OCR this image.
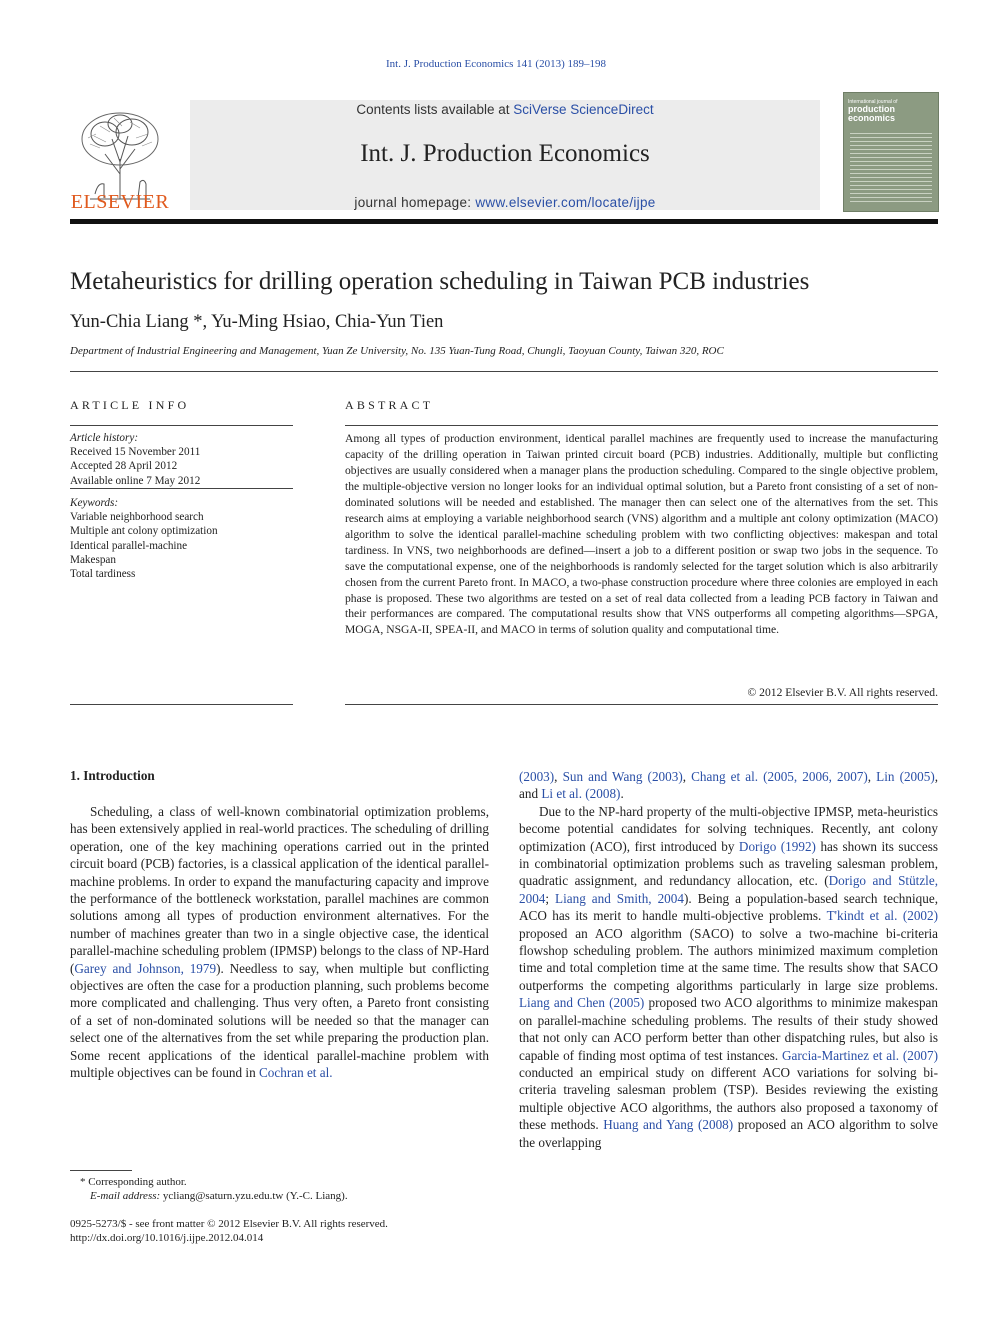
Int. J. Production Economics 141 (2013) 189–198
ELSEVIER
Contents lists available at SciVerse ScienceDirect
Int. J. Production Economics
journal homepage: www.elsevier.com/locate/ijpe
International journal of
production
economics
Metaheuristics for drilling operation scheduling in Taiwan PCB industries
Yun-Chia Liang *, Yu-Ming Hsiao, Chia-Yun Tien
Department of Industrial Engineering and Management, Yuan Ze University, No. 135 Yuan-Tung Road, Chungli, Taoyuan County, Taiwan 320, ROC
ARTICLE INFO	ABSTRACT
Article history:
Received 15 November 2011
Accepted 28 April 2012
Available online 7 May 2012
Keywords:
Variable neighborhood search
Multiple ant colony optimization
Identical parallel-machine
Makespan
Total tardiness
Among all types of production environment, identical parallel machines are frequently used to increase the manufacturing capacity of the drilling operation in Taiwan printed circuit board (PCB) industries. Additionally, multiple but conflicting objectives are usually considered when a manager plans the production scheduling. Compared to the single objective problem, the multiple-objective version no longer looks for an individual optimal solution, but a Pareto front consisting of a set of non-dominated solutions will be needed and established. The manager then can select one of the alternatives from the set. This research aims at employing a variable neighborhood search (VNS) algorithm and a multiple ant colony optimization (MACO) algorithm to solve the identical parallel-machine scheduling problem with two conflicting objectives: makespan and total tardiness. In VNS, two neighborhoods are defined—insert a job to a different position or swap two jobs in the sequence. To save the computational expense, one of the neighborhoods is randomly selected for the target solution which is also arbitrarily chosen from the current Pareto front. In MACO, a two-phase construction procedure where three colonies are employed in each phase is proposed. These two algorithms are tested on a set of real data collected from a leading PCB factory in Taiwan and their performances are compared. The computational results show that VNS outperforms all competing algorithms—SPGA, MOGA, NSGA-II, SPEA-II, and MACO in terms of solution quality and computational time.
© 2012 Elsevier B.V. All rights reserved.
1. Introduction

Scheduling, a class of well-known combinatorial optimization problems, has been extensively applied in real-world practices. The scheduling of drilling operation, one of the key machining operations carried out in the printed circuit board (PCB) factories, is a classical application of the identical parallel-machine problems. In order to expand the manufacturing capacity and improve the performance of the bottleneck workstation, parallel machines are common solutions among all types of production environment alternatives. For the number of machines greater than two in a single objective case, the identical parallel-machine scheduling problem (IPMSP) belongs to the class of NP-Hard (Garey and Johnson, 1979). Needless to say, when multiple but conflicting objectives are often the case for a production planning, such problems become more complicated and challenging. Thus very often, a Pareto front consisting of a set of non-dominated solutions will be needed so that the manager can select one of the alternatives from the set while preparing the production plan. Some recent applications of the identical parallel-machine problem with multiple objectives can be found in Cochran et al.

(2003), Sun and Wang (2003), Chang et al. (2005, 2006, 2007), Lin (2005), and Li et al. (2008).

Due to the NP-hard property of the multi-objective IPMSP, meta-heuristics become potential candidates for solving techniques. Recently, ant colony optimization (ACO), first introduced by Dorigo (1992) has shown its success in combinatorial optimization problems such as traveling salesman problem, quadratic assignment, and redundancy allocation, etc. (Dorigo and Stützle, 2004; Liang and Smith, 2004). Being a population-based search technique, ACO has its merit to handle multi-objective problems. T'kindt et al. (2002) proposed an ACO algorithm (SACO) to solve a two-machine bi-criteria flowshop scheduling problem. The authors minimized maximum completion time and total completion time at the same time. The results show that SACO outperforms the competing algorithms particularly in large size problems. Liang and Chen (2005) proposed two ACO algorithms to minimize makespan on parallel-machine scheduling problems. The results of their study showed that not only can ACO perform better than other dispatching rules, but also is capable of finding most optima of test instances. Garcia-Martinez et al. (2007) conducted an empirical study on different ACO variations for solving bi-criteria traveling salesman problem (TSP). Besides reviewing the existing multiple objective ACO algorithms, the authors also proposed a taxonomy of these methods. Huang and Yang (2008) proposed an ACO algorithm to solve the overlapping

* Corresponding author.
E-mail address: ycliang@saturn.yzu.edu.tw (Y.-C. Liang).
0925-5273/$ - see front matter © 2012 Elsevier B.V. All rights reserved.
http://dx.doi.org/10.1016/j.ijpe.2012.04.014
